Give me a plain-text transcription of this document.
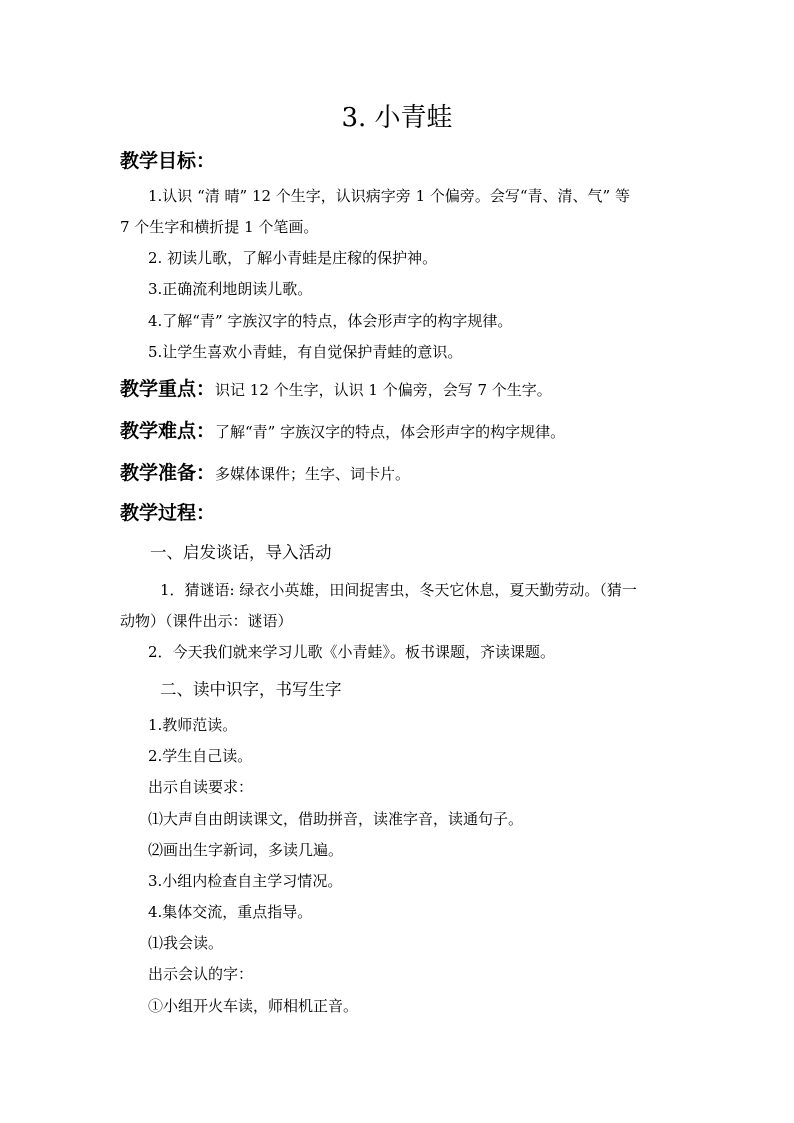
3. 小青蛙
教学目标：
1.认识 “清 晴” 12 个生字，认识病字旁 1 个偏旁。会写“青、清、气” 等
7 个生字和横折提 1 个笔画。
2. 初读儿歌，了解小青蛙是庄稼的保护神。
3.正确流利地朗读儿歌。
4.了解“青” 字族汉字的特点，体会形声字的构字规律。
5.让学生喜欢小青蛙，有自觉保护青蛙的意识。
教学重点：识记 12 个生字，认识 1 个偏旁，会写 7 个生字。
教学难点：了解“青” 字族汉字的特点，体会形声字的构字规律。
教学准备：多媒体课件；生字、词卡片。
教学过程：
一、启发谈话，导入活动
1．猜谜语: 绿衣小英雄，田间捉害虫，冬天它休息，夏天勤劳动。（猜一
动物）（课件出示：谜语）
2．今天我们就来学习儿歌《小青蛙》。板书课题，齐读课题。
二、读中识字，书写生字
1.教师范读。
2.学生自己读。
出示自读要求：
⑴大声自由朗读课文，借助拼音，读准字音，读通句子。
⑵画出生字新词，多读几遍。
3.小组内检查自主学习情况。
4.集体交流，重点指导。
⑴我会读。
出示会认的字：
①小组开火车读，师相机正音。
